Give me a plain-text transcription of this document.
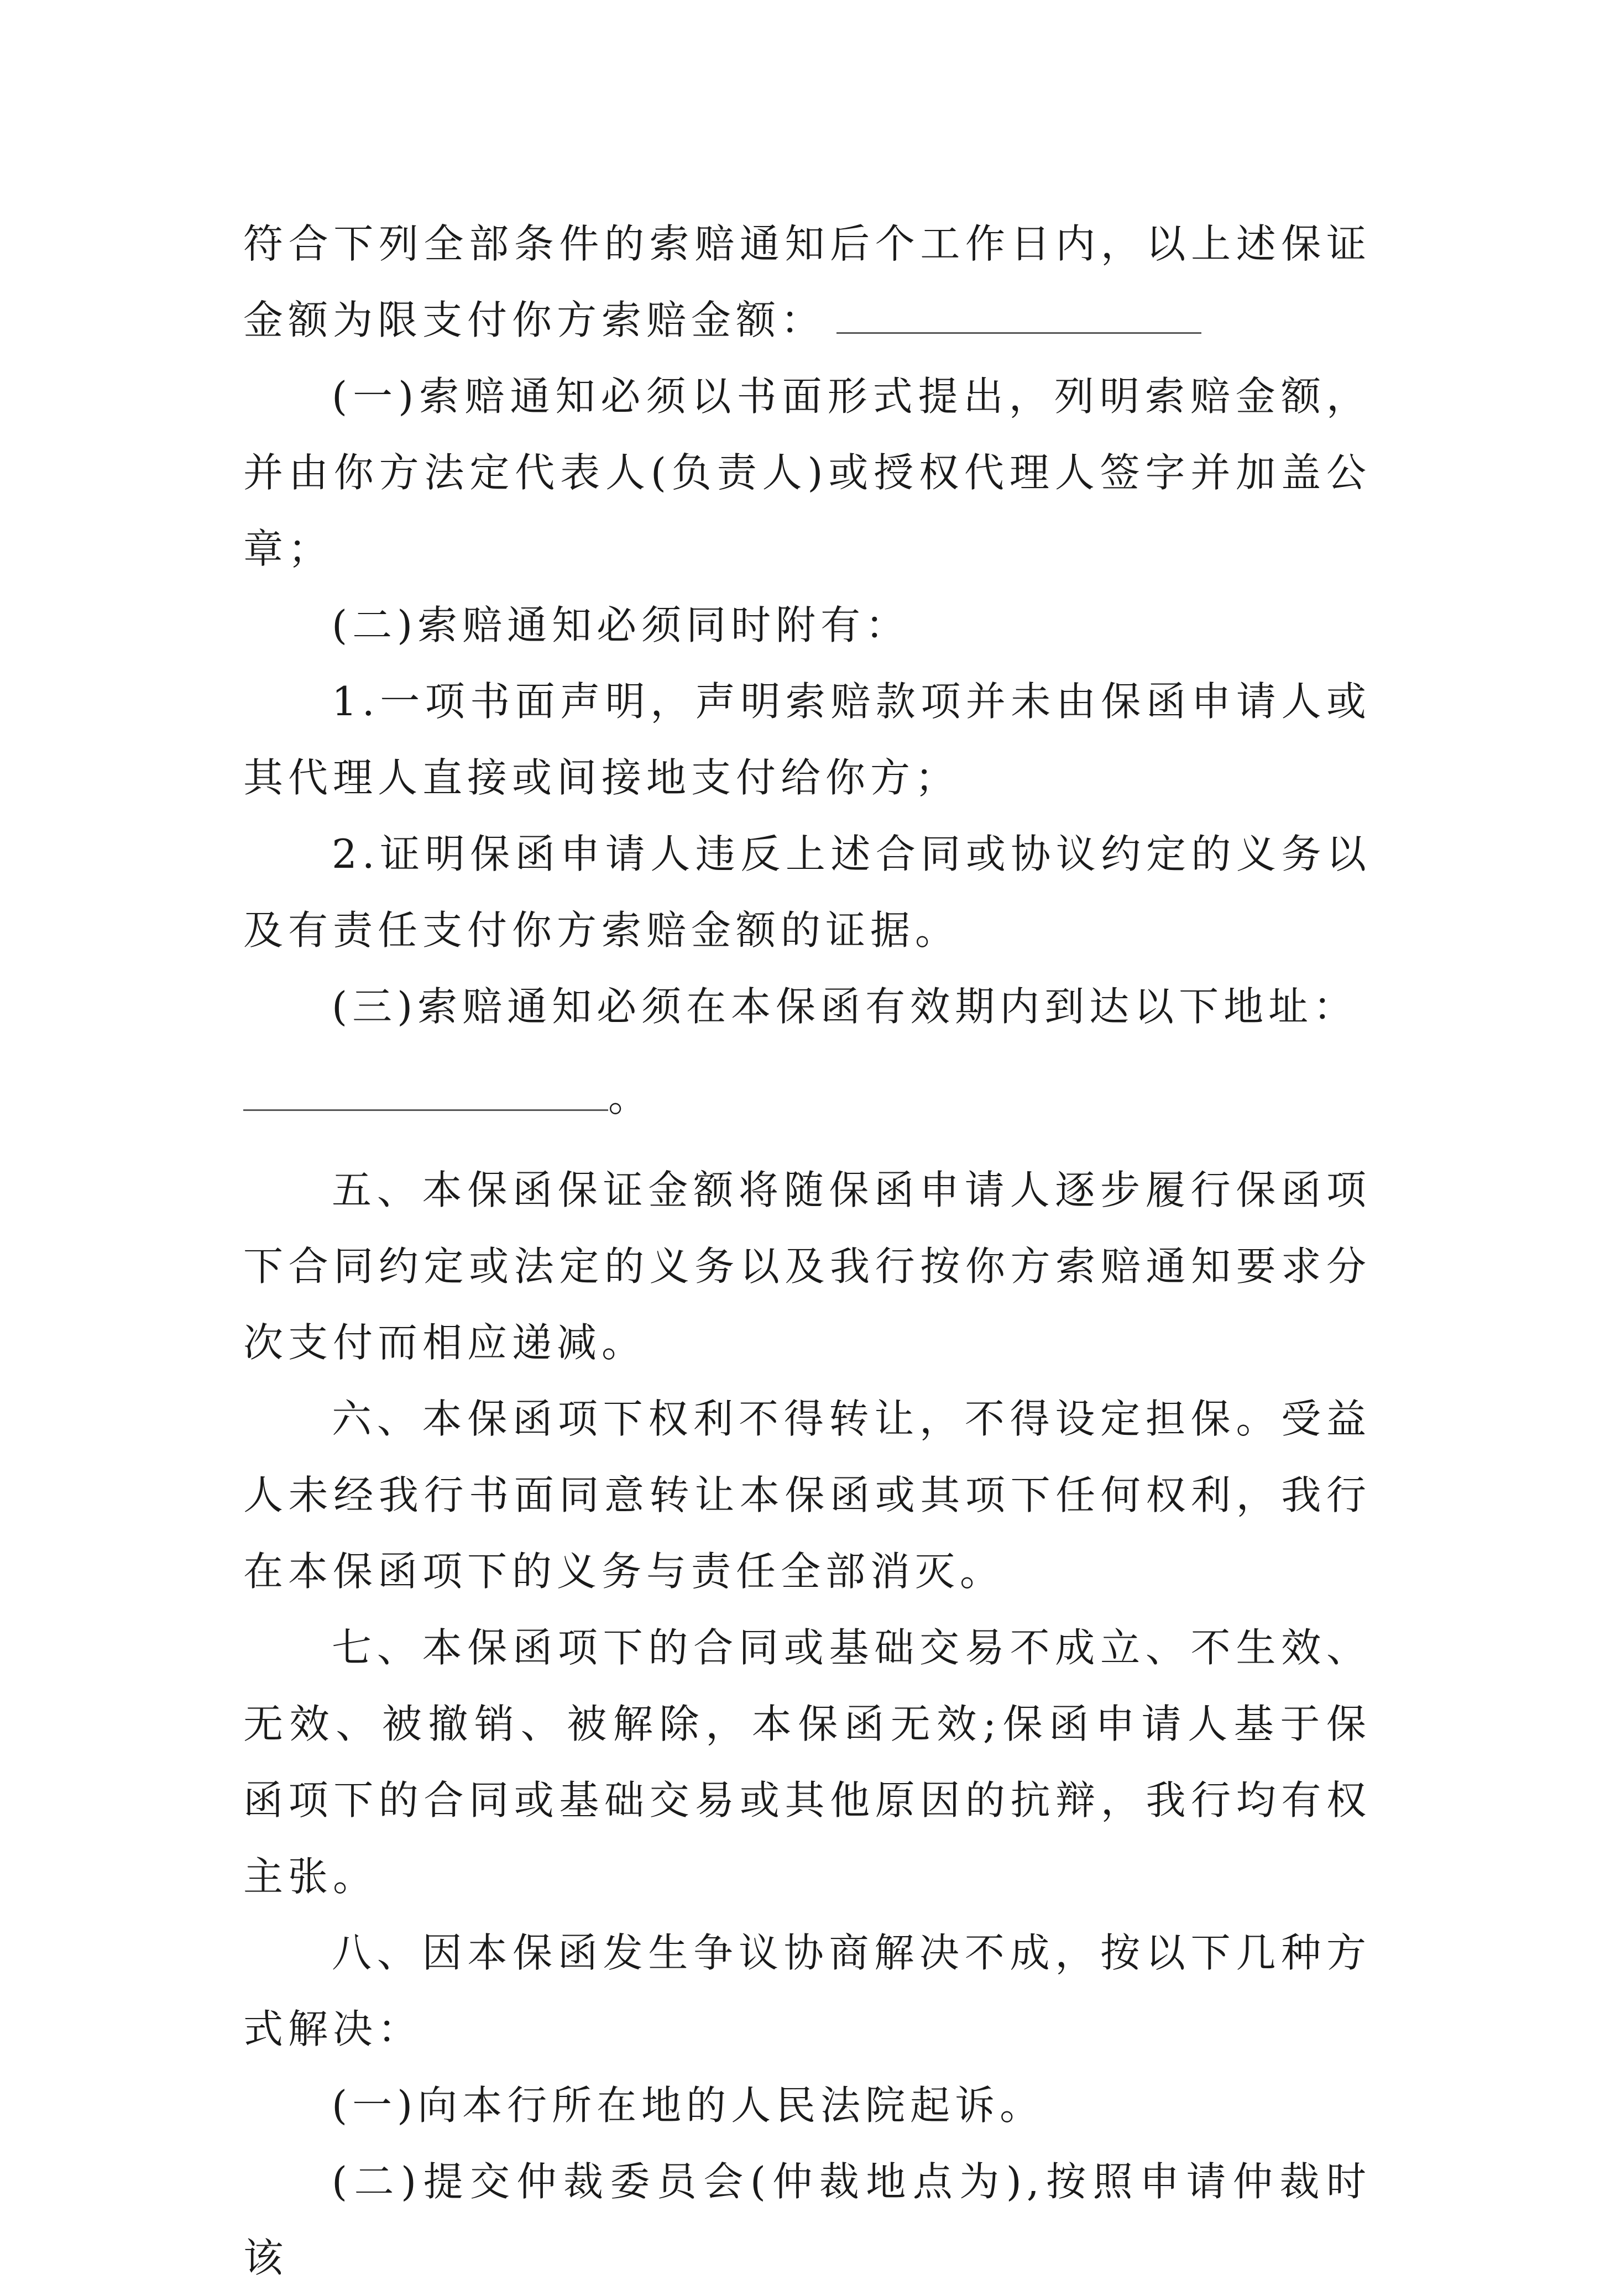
符合下列全部条件的索赔通知后个工作日内，以上述保证金额为限支付你方索赔金额：

(一)索赔通知必须以书面形式提出，列明索赔金额，并由你方法定代表人(负责人)或授权代理人签字并加盖公章；

(二)索赔通知必须同时附有：

1.一项书面声明，声明索赔款项并未由保函申请人或其代理人直接或间接地支付给你方；

2.证明保函申请人违反上述合同或协议约定的义务以及有责任支付你方索赔金额的证据。

(三)索赔通知必须在本保函有效期内到达以下地址：

。

五、本保函保证金额将随保函申请人逐步履行保函项下合同约定或法定的义务以及我行按你方索赔通知要求分次支付而相应递减。

六、本保函项下权利不得转让，不得设定担保。受益人未经我行书面同意转让本保函或其项下任何权利，我行在本保函项下的义务与责任全部消灭。

七、本保函项下的合同或基础交易不成立、不生效、无效、被撤销、被解除，本保函无效;保函申请人基于保函项下的合同或基础交易或其他原因的抗辩，我行均有权主张。

八、因本保函发生争议协商解决不成，按以下几种方式解决：

(一)向本行所在地的人民法院起诉。

(二)提交仲裁委员会(仲裁地点为),按照申请仲裁时该
